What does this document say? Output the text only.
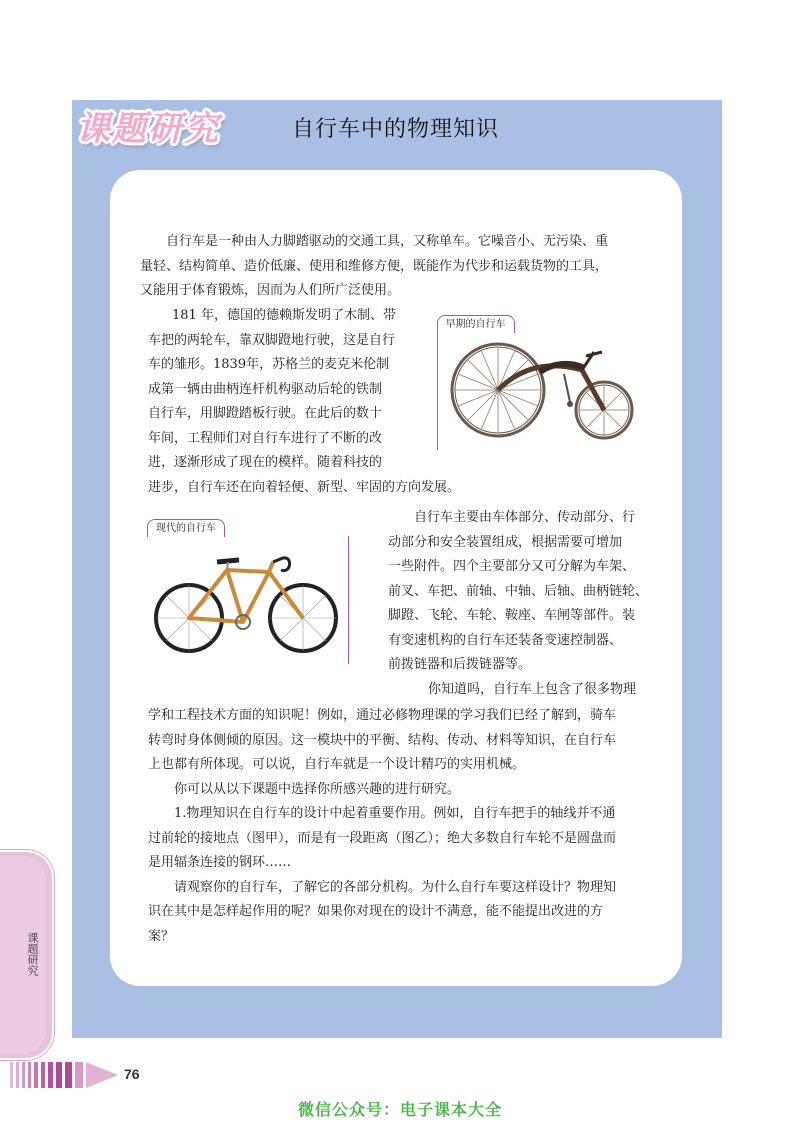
课题研究	自行车中的物理知识
自行车是一种由人力脚踏驱动的交通工具，又称单车。它噪音小、无污染、重
量轻、结构简单、造价低廉、使用和维修方便，既能作为代步和运载货物的工具，
又能用于体育锻炼，因而为人们所广泛使用。
181 年，德国的德赖斯发明了木制、带
车把的两轮车，靠双脚蹬地行驶，这是自行
车的雏形。1839年，苏格兰的麦克米伦制
成第一辆由曲柄连杆机构驱动后轮的铁制
自行车，用脚蹬踏板行驶。在此后的数十
年间，工程师们对自行车进行了不断的改
进，逐渐形成了现在的模样。随着科技的
进步，自行车还在向着轻便、新型、牢固的方向发展。
早期的自行车
现代的自行车
自行车主要由车体部分、传动部分、行
动部分和安全装置组成，根据需要可增加
一些附件。四个主要部分又可分解为车架、
前叉、车把、前轴、中轴、后轴、曲柄链轮、
脚蹬、飞轮、车轮、鞍座、车闸等部件。装
有变速机构的自行车还装备变速控制器、
前拨链器和后拨链器等。
你知道吗，自行车上包含了很多物理
学和工程技术方面的知识呢！例如，通过必修物理课的学习我们已经了解到，骑车
转弯时身体侧倾的原因。这一模块中的平衡、结构、传动、材料等知识，在自行车
上也都有所体现。可以说，自行车就是一个设计精巧的实用机械。
你可以从以下课题中选择你所感兴趣的进行研究。
1.物理知识在自行车的设计中起着重要作用。例如，自行车把手的轴线并不通
过前轮的接地点（图甲），而是有一段距离（图乙）；绝大多数自行车轮不是圆盘而
是用辐条连接的钢环……
请观察你的自行车，了解它的各部分机构。为什么自行车要这样设计？物理知
识在其中是怎样起作用的呢？如果你对现在的设计不满意，能不能提出改进的方
案？
课题研究
76
微信公众号：电子课本大全
